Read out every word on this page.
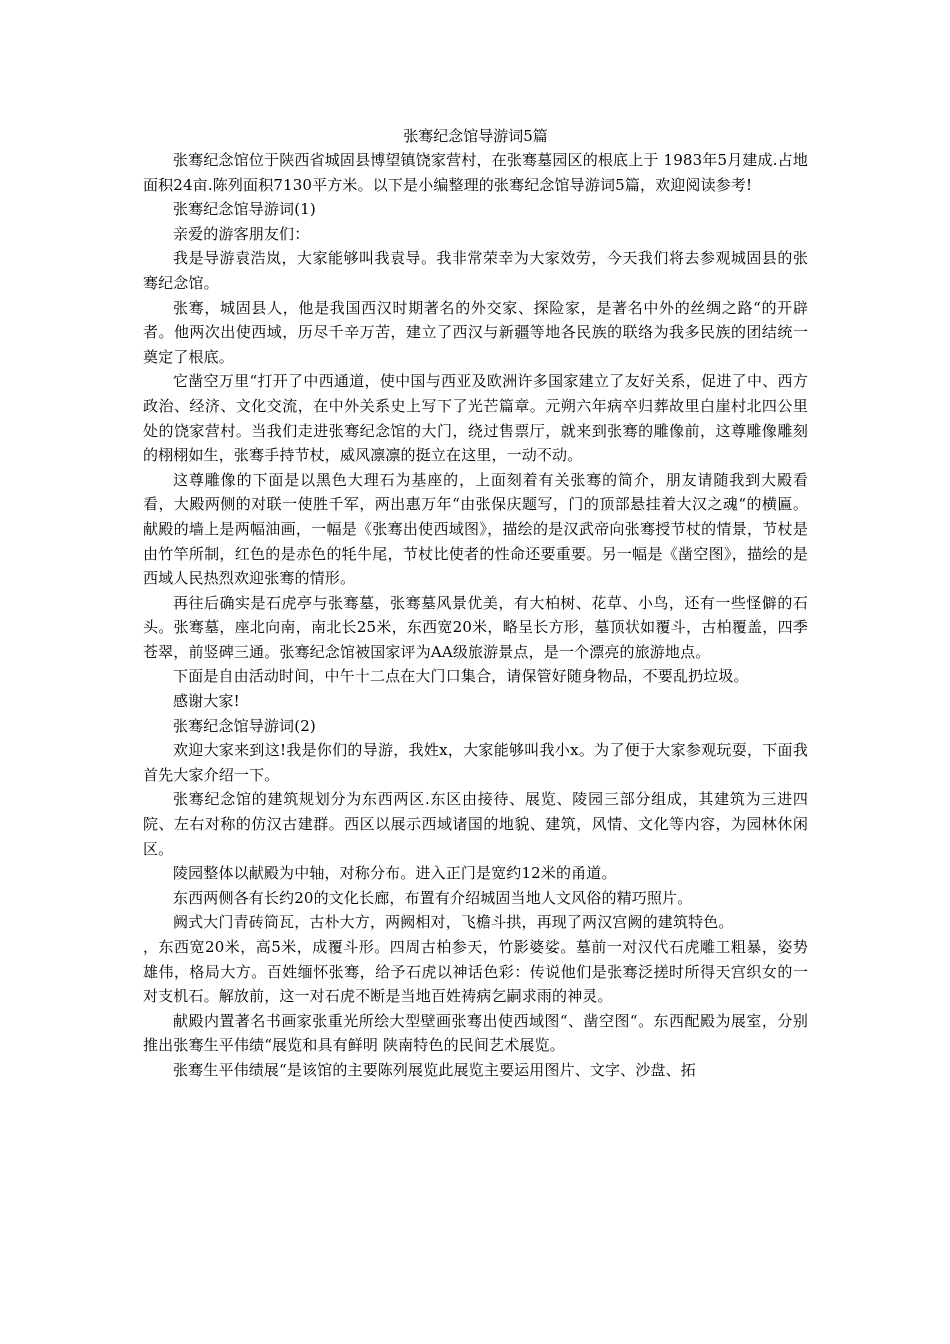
张骞纪念馆导游词5篇

张骞纪念馆位于陕西省城固县博望镇饶家营村，在张骞墓园区的根底上于 1983年5月建成.占地面积24亩.陈列面积7130平方米。以下是小编整理的张骞纪念馆导游词5篇，欢迎阅读参考!

张骞纪念馆导游词(1)

亲爱的游客朋友们：

我是导游袁浩岚，大家能够叫我袁导。我非常荣幸为大家效劳，今天我们将去参观城固县的张骞纪念馆。

张骞，城固县人，他是我国西汉时期著名的外交家、探险家，是著名中外的丝绸之路“的开辟者。他两次出使西域，历尽千辛万苦，建立了西汉与新疆等地各民族的联络为我多民族的团结统一奠定了根底。

它凿空万里“打开了中西通道，使中国与西亚及欧洲许多国家建立了友好关系，促进了中、西方政治、经济、文化交流，在中外关系史上写下了光芒篇章。元朔六年病卒归葬故里白崖村北四公里处的饶家营村。当我们走进张骞纪念馆的大门，绕过售票厅，就来到张骞的雕像前，这尊雕像雕刻的栩栩如生，张骞手持节杖，威风凛凛的挺立在这里，一动不动。

这尊雕像的下面是以黑色大理石为基座的，上面刻着有关张骞的简介，朋友请随我到大殿看看，大殿两侧的对联一使胜千军，两出惠万年“由张保庆题写，门的顶部悬挂着大汉之魂“的横匾。献殿的墙上是两幅油画，一幅是《张骞出使西域图》，描绘的是汉武帝向张骞授节杖的情景，节杖是由竹竿所制，红色的是赤色的牦牛尾，节杖比使者的性命还要重要。另一幅是《凿空图》，描绘的是西域人民热烈欢迎张骞的情形。

再往后确实是石虎亭与张骞墓，张骞墓风景优美，有大柏树、花草、小鸟，还有一些怪僻的石头。张骞墓，座北向南，南北长25米，东西宽20米，略呈长方形，墓顶状如覆斗，古柏覆盖，四季苍翠，前竖碑三通。张骞纪念馆被国家评为AA级旅游景点，是一个漂亮的旅游地点。

下面是自由活动时间，中午十二点在大门口集合，请保管好随身物品，不要乱扔垃圾。

感谢大家!

张骞纪念馆导游词(2)

欢迎大家来到这!我是你们的导游，我姓x，大家能够叫我小x。为了便于大家参观玩耍，下面我首先大家介绍一下。

张骞纪念馆的建筑规划分为东西两区.东区由接待、展览、陵园三部分组成，其建筑为三进四院、左右对称的仿汉古建群。西区以展示西域诸国的地貌、建筑，风情、文化等内容，为园林休闲区。

陵园整体以献殿为中轴，对称分布。进入正门是宽约12米的甬道。

东西两侧各有长约20的文化长廊，布置有介绍城固当地人文风俗的精巧照片。

阙式大门青砖筒瓦，古朴大方，两阙相对，飞檐斗拱，再现了两汉宫阙的建筑特色。

，东西宽20米，高5米，成覆斗形。四周古柏参天，竹影婆娑。墓前一对汉代石虎雕工粗暴，姿势雄伟，格局大方。百姓缅怀张骞，给予石虎以神话色彩：传说他们是张骞泛搓时所得天宫织女的一对支机石。解放前，这一对石虎不断是当地百姓祷病乞嗣求雨的神灵。

献殿内置著名书画家张重光所绘大型壁画张骞出使西域图“、凿空图“。东西配殿为展室，分别推出张骞生平伟绩“展览和具有鲜明 陕南特色的民间艺术展览。

张骞生平伟绩展“是该馆的主要陈列展览此展览主要运用图片、文字、沙盘、拓
